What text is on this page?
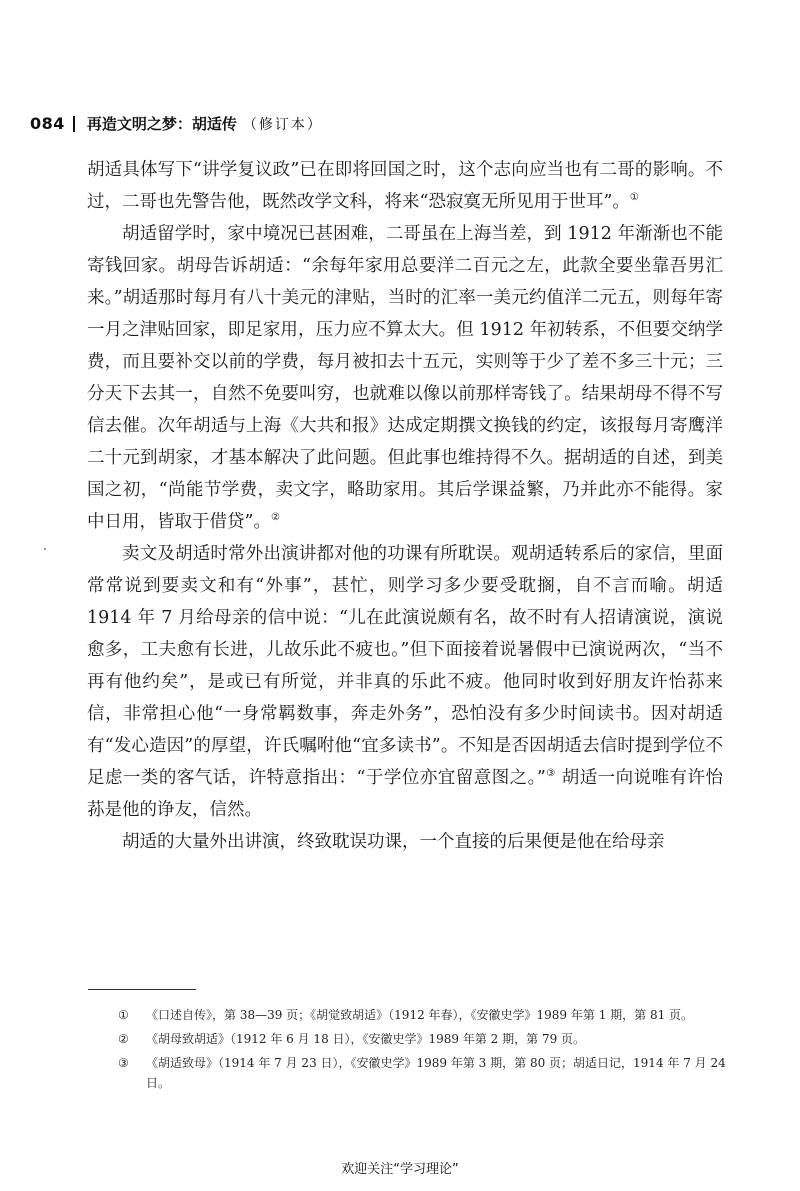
084 再造文明之梦：胡适传 （修订本）

胡适具体写下“讲学复议政”已在即将回国之时，这个志向应当也有二哥的影响。不过，二哥也先警告他，既然改学文科，将来“恐寂寞无所见用于世耳”。①

胡适留学时，家中境况已甚困难，二哥虽在上海当差，到 1912 年渐渐也不能寄钱回家。胡母告诉胡适：“余每年家用总要洋二百元之左，此款全要坐靠吾男汇来。”胡适那时每月有八十美元的津贴，当时的汇率一美元约值洋二元五，则每年寄一月之津贴回家，即足家用，压力应不算太大。但 1912 年初转系，不但要交纳学费，而且要补交以前的学费，每月被扣去十五元，实则等于少了差不多三十元；三分天下去其一，自然不免要叫穷，也就难以像以前那样寄钱了。结果胡母不得不写信去催。次年胡适与上海《大共和报》达成定期撰文换钱的约定，该报每月寄鹰洋二十元到胡家，才基本解决了此问题。但此事也维持得不久。据胡适的自述，到美国之初，“尚能节学费，卖文字，略助家用。其后学课益繁，乃并此亦不能得。家中日用，皆取于借贷”。②

卖文及胡适时常外出演讲都对他的功课有所耽误。观胡适转系后的家信，里面常常说到要卖文和有“外事”，甚忙，则学习多少要受耽搁，自不言而喻。胡适 1914 年 7 月给母亲的信中说：“儿在此演说颇有名，故不时有人招请演说，演说愈多，工夫愈有长进，儿故乐此不疲也。”但下面接着说暑假中已演说两次，“当不再有他约矣”，是或已有所觉，并非真的乐此不疲。他同时收到好朋友许怡荪来信，非常担心他“一身常羁数事，奔走外务”，恐怕没有多少时间读书。因对胡适有“发心造因”的厚望，许氏嘱咐他“宜多读书”。不知是否因胡适去信时提到学位不足虑一类的客气话，许特意指出：“于学位亦宜留意图之。”③ 胡适一向说唯有许怡荪是他的诤友，信然。

胡适的大量外出讲演，终致耽误功课，一个直接的后果便是他在给母亲

①	《口述自传》，第 38—39 页；《胡觉致胡适》（1912 年春），《安徽史学》1989 年第 1 期，第 81 页。
②	《胡母致胡适》（1912 年 6 月 18 日），《安徽史学》1989 年第 2 期，第 79 页。
③	《胡适致母》（1914 年 7 月 23 日），《安徽史学》1989 年第 3 期，第 80 页；胡适日记，1914 年 7 月 24 日。
欢迎关注“学习理论”
